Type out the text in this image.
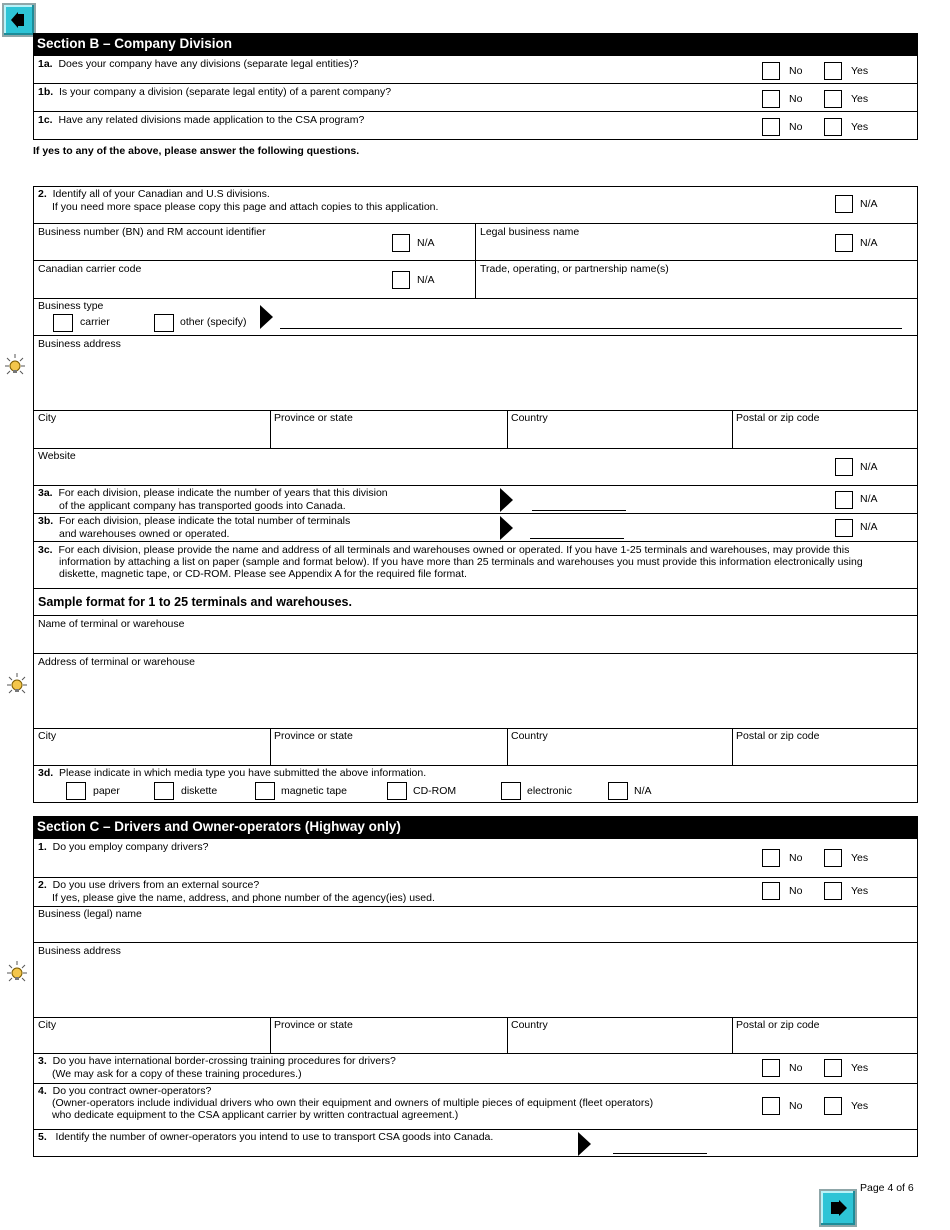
Section B – Company Division
1a. Does your company have any divisions (separate legal entities)?
No	Yes
1b. Is your company a division (separate legal entity) of a parent company?
No	Yes
1c. Have any related divisions made application to the CSA program?
No	Yes
If yes to any of the above, please answer the following questions.
2. Identify all of your Canadian and U.S divisions.
If you need more space please copy this page and attach copies to this application.	N/A
Business number (BN) and RM account identifier
N/A
Legal business name
N/A
Canadian carrier code
N/A
Trade, operating, or partnership name(s)
Business type
carrier	other (specify)
Business address
City	Province or state	Country	Postal or zip code
Website
N/A
3a. For each division, please indicate the number of years that this division
of the applicant company has transported goods into Canada.
N/A
3b. For each division, please indicate the total number of terminals
and warehouses owned or operated.
N/A
3c. For each division, please provide the name and address of all terminals and warehouses owned or operated. If you have 1-25 terminals and warehouses, may provide this
information by attaching a list on paper (sample and format below). If you have more than 25 terminals and warehouses you must provide this information electronically using
diskette, magnetic tape, or CD-ROM. Please see Appendix A for the required file format.
Sample format for 1 to 25 terminals and warehouses.
Name of terminal or warehouse
Address of terminal or warehouse
City	Province or state	Country	Postal or zip code
3d. Please indicate in which media type you have submitted the above information.
paper	diskette	magnetic tape	CD-ROM	electronic	N/A
Section C – Drivers and Owner-operators (Highway only)
1. Do you employ company drivers?
No	Yes
2. Do you use drivers from an external source?
If yes, please give the name, address, and phone number of the agency(ies) used.
No	Yes
Business (legal) name
Business address
City	Province or state	Country	Postal or zip code
3. Do you have international border-crossing training procedures for drivers?
(We may ask for a copy of these training procedures.)	No	Yes
4. Do you contract owner-operators?
(Owner-operators include individual drivers who own their equipment and owners of multiple pieces of equipment (fleet operators)
who dedicate equipment to the CSA applicant carrier by written contractual agreement.)
No	Yes
5. Identify the number of owner-operators you intend to use to transport CSA goods into Canada.
Page 4 of 6
